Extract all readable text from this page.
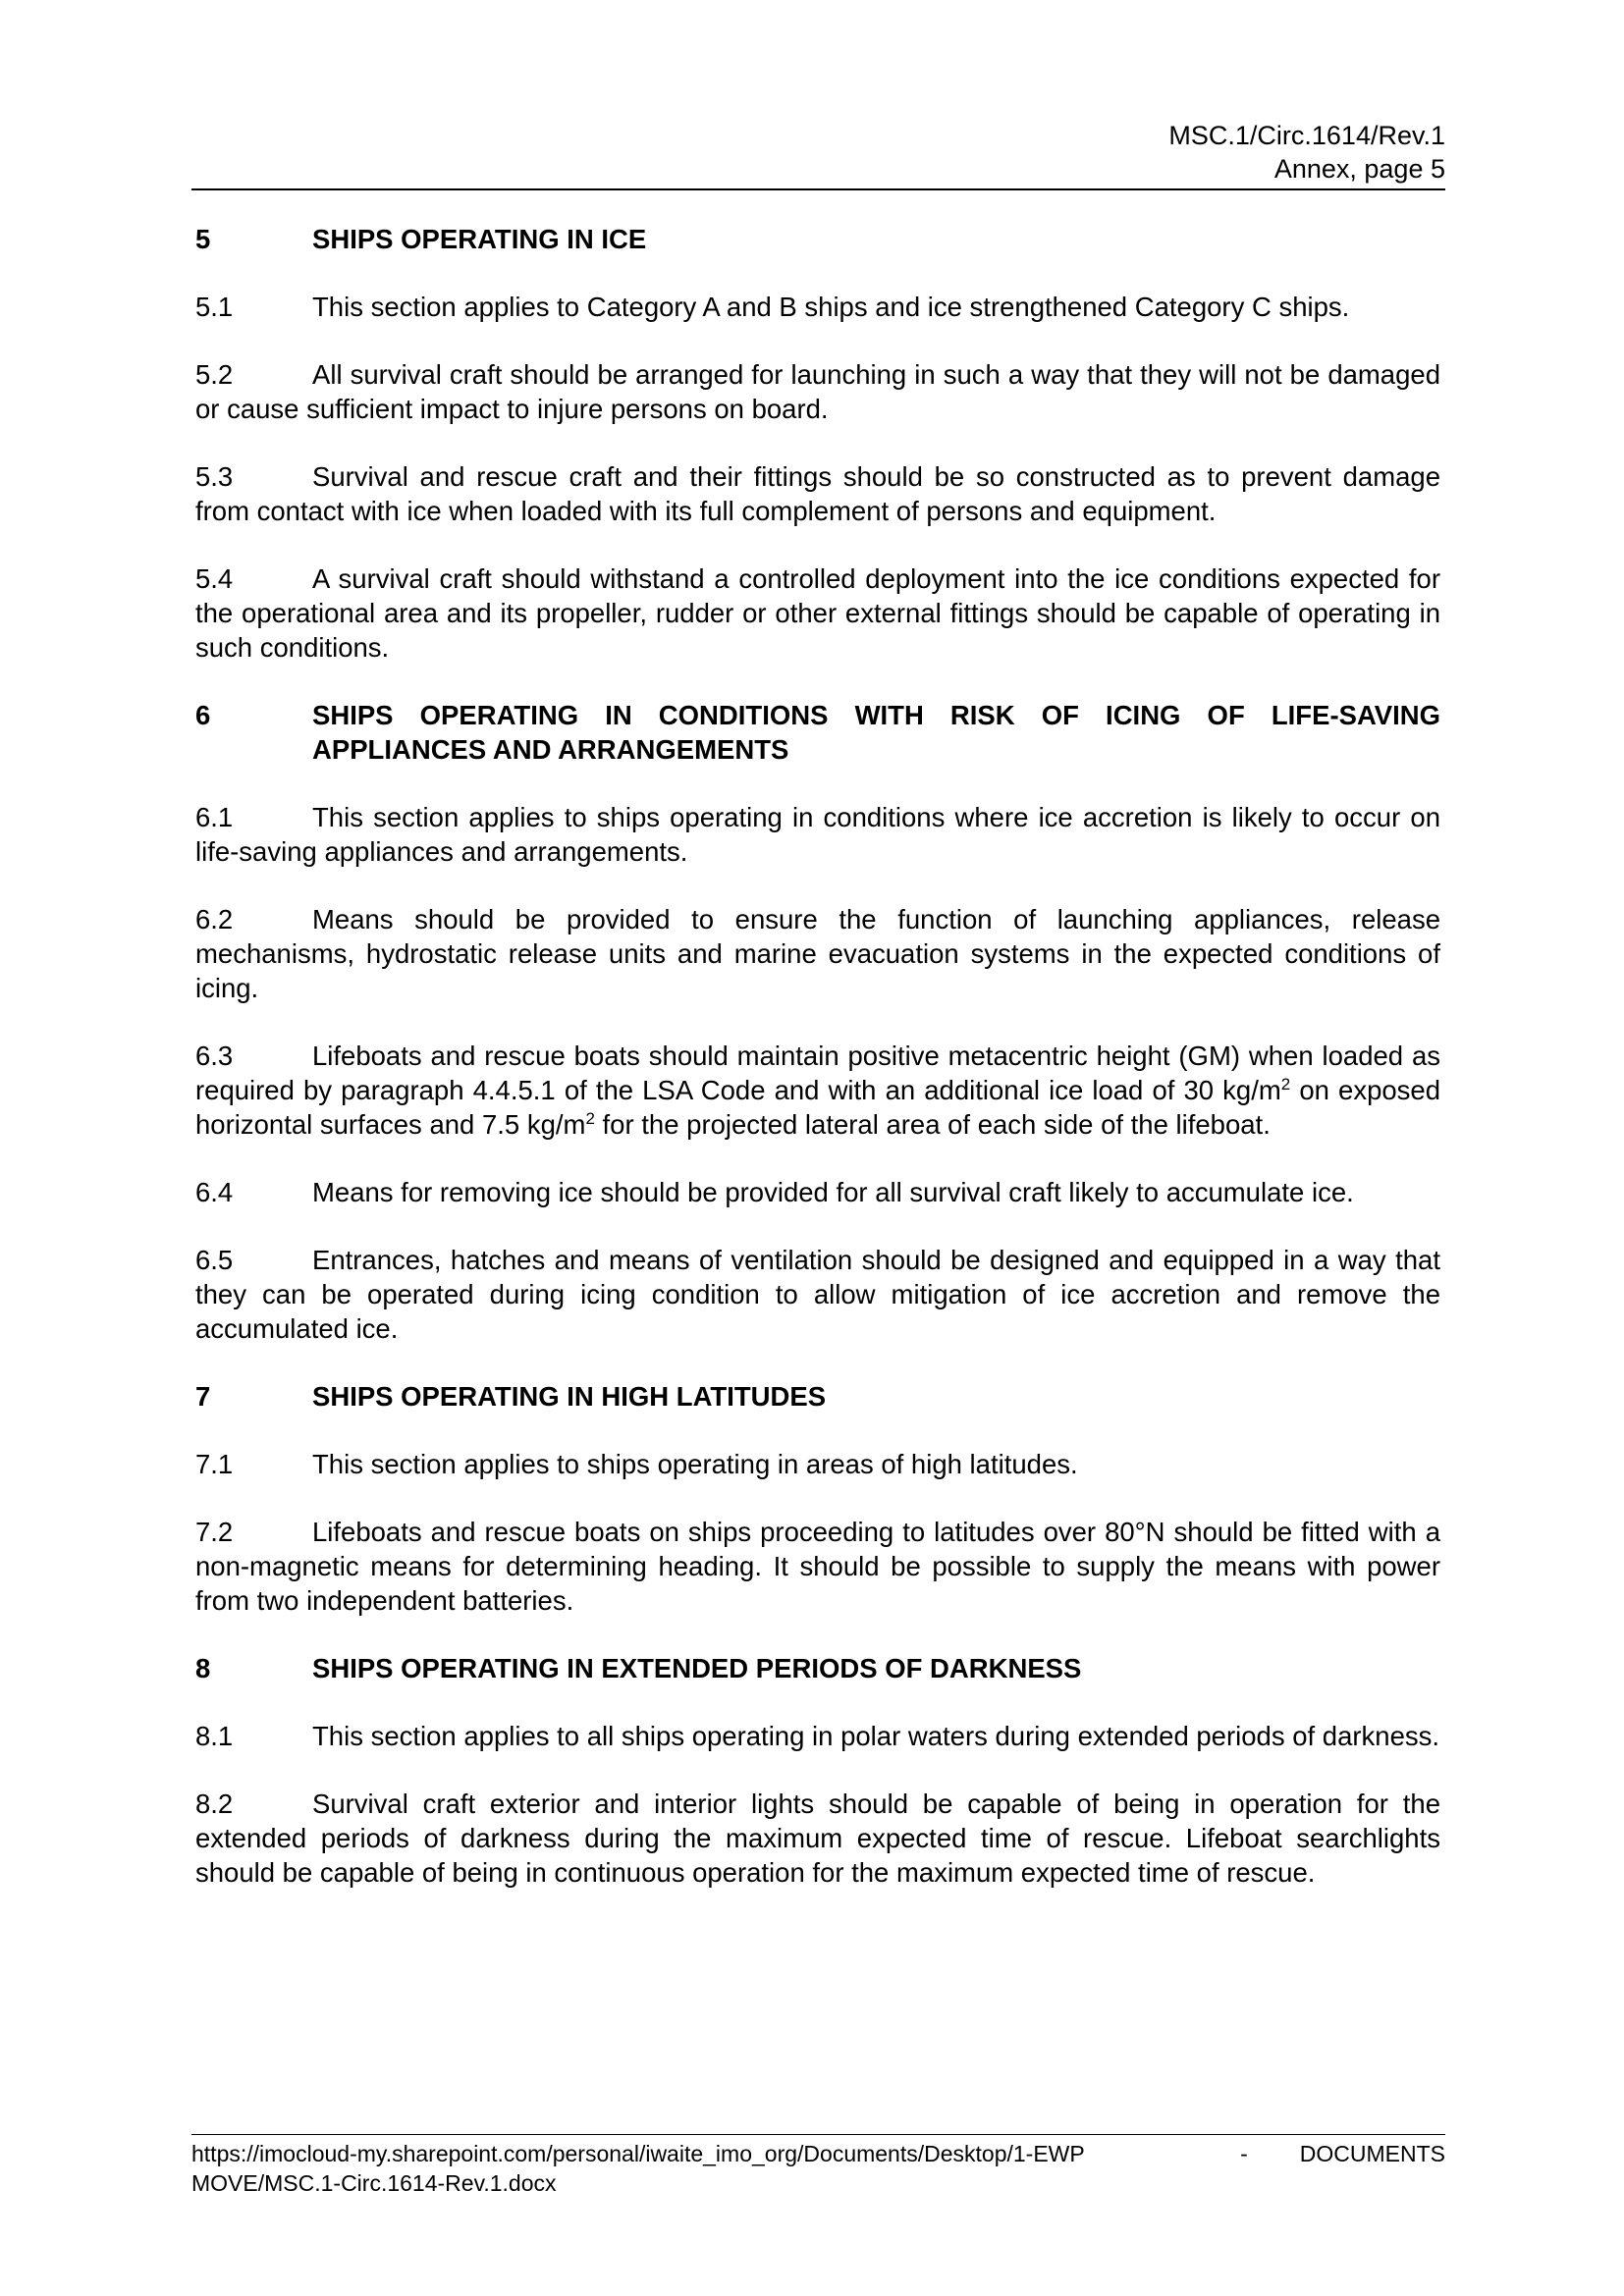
MSC.1/Circ.1614/Rev.1
Annex, page 5
5	SHIPS OPERATING IN ICE

5.1	This section applies to Category A and B ships and ice strengthened Category C ships.

5.2	All survival craft should be arranged for launching in such a way that they will not be damaged or cause sufficient impact to injure persons on board.

5.3	Survival and rescue craft and their fittings should be so constructed as to prevent damage from contact with ice when loaded with its full complement of persons and equipment.

5.4	A survival craft should withstand a controlled deployment into the ice conditions expected for the operational area and its propeller, rudder or other external fittings should be capable of operating in such conditions.

6	SHIPS OPERATING IN CONDITIONS WITH RISK OF ICING OF LIFE-SAVING APPLIANCES AND ARRANGEMENTS

6.1	This section applies to ships operating in conditions where ice accretion is likely to occur on life-saving appliances and arrangements.

6.2	Means should be provided to ensure the function of launching appliances, release mechanisms, hydrostatic release units and marine evacuation systems in the expected conditions of icing.

6.3	Lifeboats and rescue boats should maintain positive metacentric height (GM) when loaded as required by paragraph 4.4.5.1 of the LSA Code and with an additional ice load of 30 $kg/m^2$ on exposed horizontal surfaces and 7.5 $kg/m^2$ for the projected lateral area of each side of the lifeboat.

6.4	Means for removing ice should be provided for all survival craft likely to accumulate ice.

6.5	Entrances, hatches and means of ventilation should be designed and equipped in a way that they can be operated during icing condition to allow mitigation of ice accretion and remove the accumulated ice.

7	SHIPS OPERATING IN HIGH LATITUDES

7.1	This section applies to ships operating in areas of high latitudes.

7.2	Lifeboats and rescue boats on ships proceeding to latitudes over 80°N should be fitted with a non-magnetic means for determining heading. It should be possible to supply the means with power from two independent batteries.

8	SHIPS OPERATING IN EXTENDED PERIODS OF DARKNESS

8.1	This section applies to all ships operating in polar waters during extended periods of darkness.

8.2	Survival craft exterior and interior lights should be capable of being in operation for the extended periods of darkness during the maximum expected time of rescue. Lifeboat searchlights should be capable of being in continuous operation for the maximum expected time of rescue.

https://imocloud-my.sharepoint.com/personal/iwaite_imo_org/Documents/Desktop/1-EWP	-	DOCUMENTS
MOVE/MSC.1-Circ.1614-Rev.1.docx
